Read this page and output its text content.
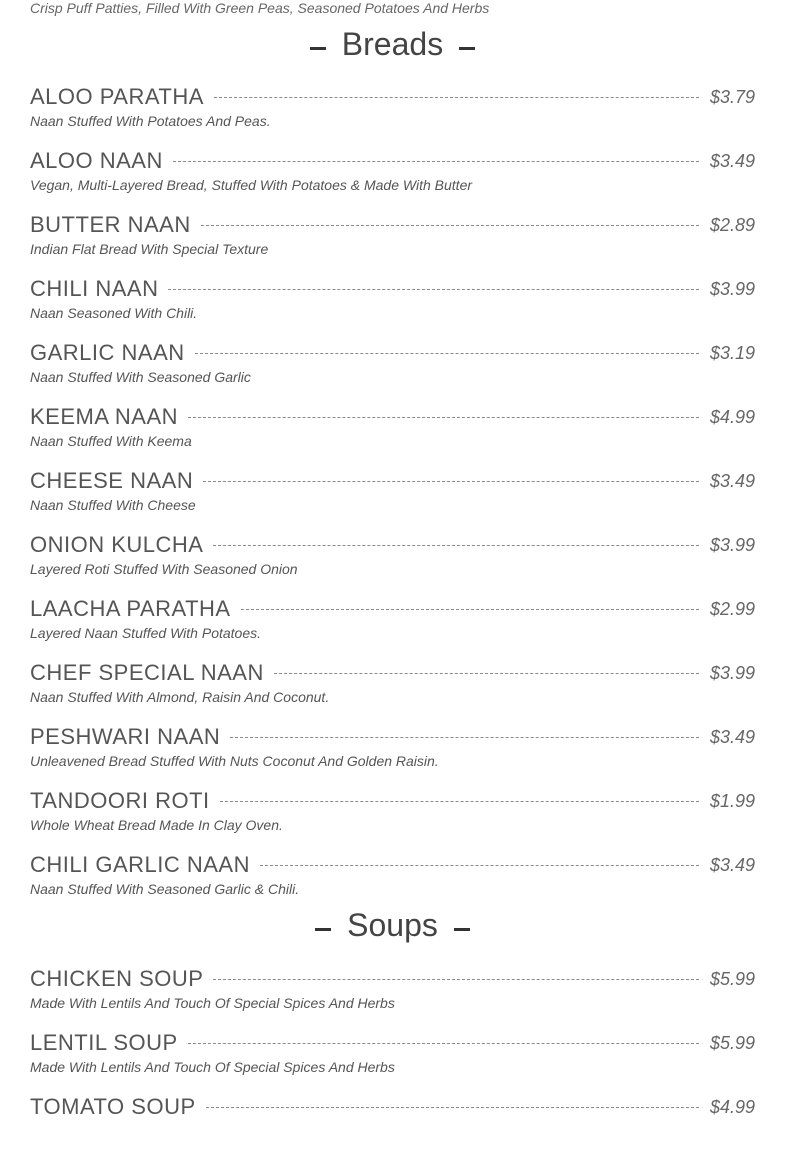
Crisp Puff Patties, Filled With Green Peas, Seasoned Potatoes And Herbs
Breads
ALOO PARATHA	$3.79
Naan Stuffed With Potatoes And Peas.
ALOO NAAN	$3.49
Vegan, Multi-Layered Bread, Stuffed With Potatoes & Made With Butter
BUTTER NAAN	$2.89
Indian Flat Bread With Special Texture
CHILI NAAN	$3.99
Naan Seasoned With Chili.
GARLIC NAAN	$3.19
Naan Stuffed With Seasoned Garlic
KEEMA NAAN	$4.99
Naan Stuffed With Keema
CHEESE NAAN	$3.49
Naan Stuffed With Cheese
ONION KULCHA	$3.99
Layered Roti Stuffed With Seasoned Onion
LAACHA PARATHA	$2.99
Layered Naan Stuffed With Potatoes.
CHEF SPECIAL NAAN	$3.99
Naan Stuffed With Almond, Raisin And Coconut.
PESHWARI NAAN	$3.49
Unleavened Bread Stuffed With Nuts Coconut And Golden Raisin.
TANDOORI ROTI	$1.99
Whole Wheat Bread Made In Clay Oven.
CHILI GARLIC NAAN	$3.49
Naan Stuffed With Seasoned Garlic & Chili.
Soups
CHICKEN SOUP	$5.99
Made With Lentils And Touch Of Special Spices And Herbs
LENTIL SOUP	$5.99
Made With Lentils And Touch Of Special Spices And Herbs
TOMATO SOUP	$4.99
